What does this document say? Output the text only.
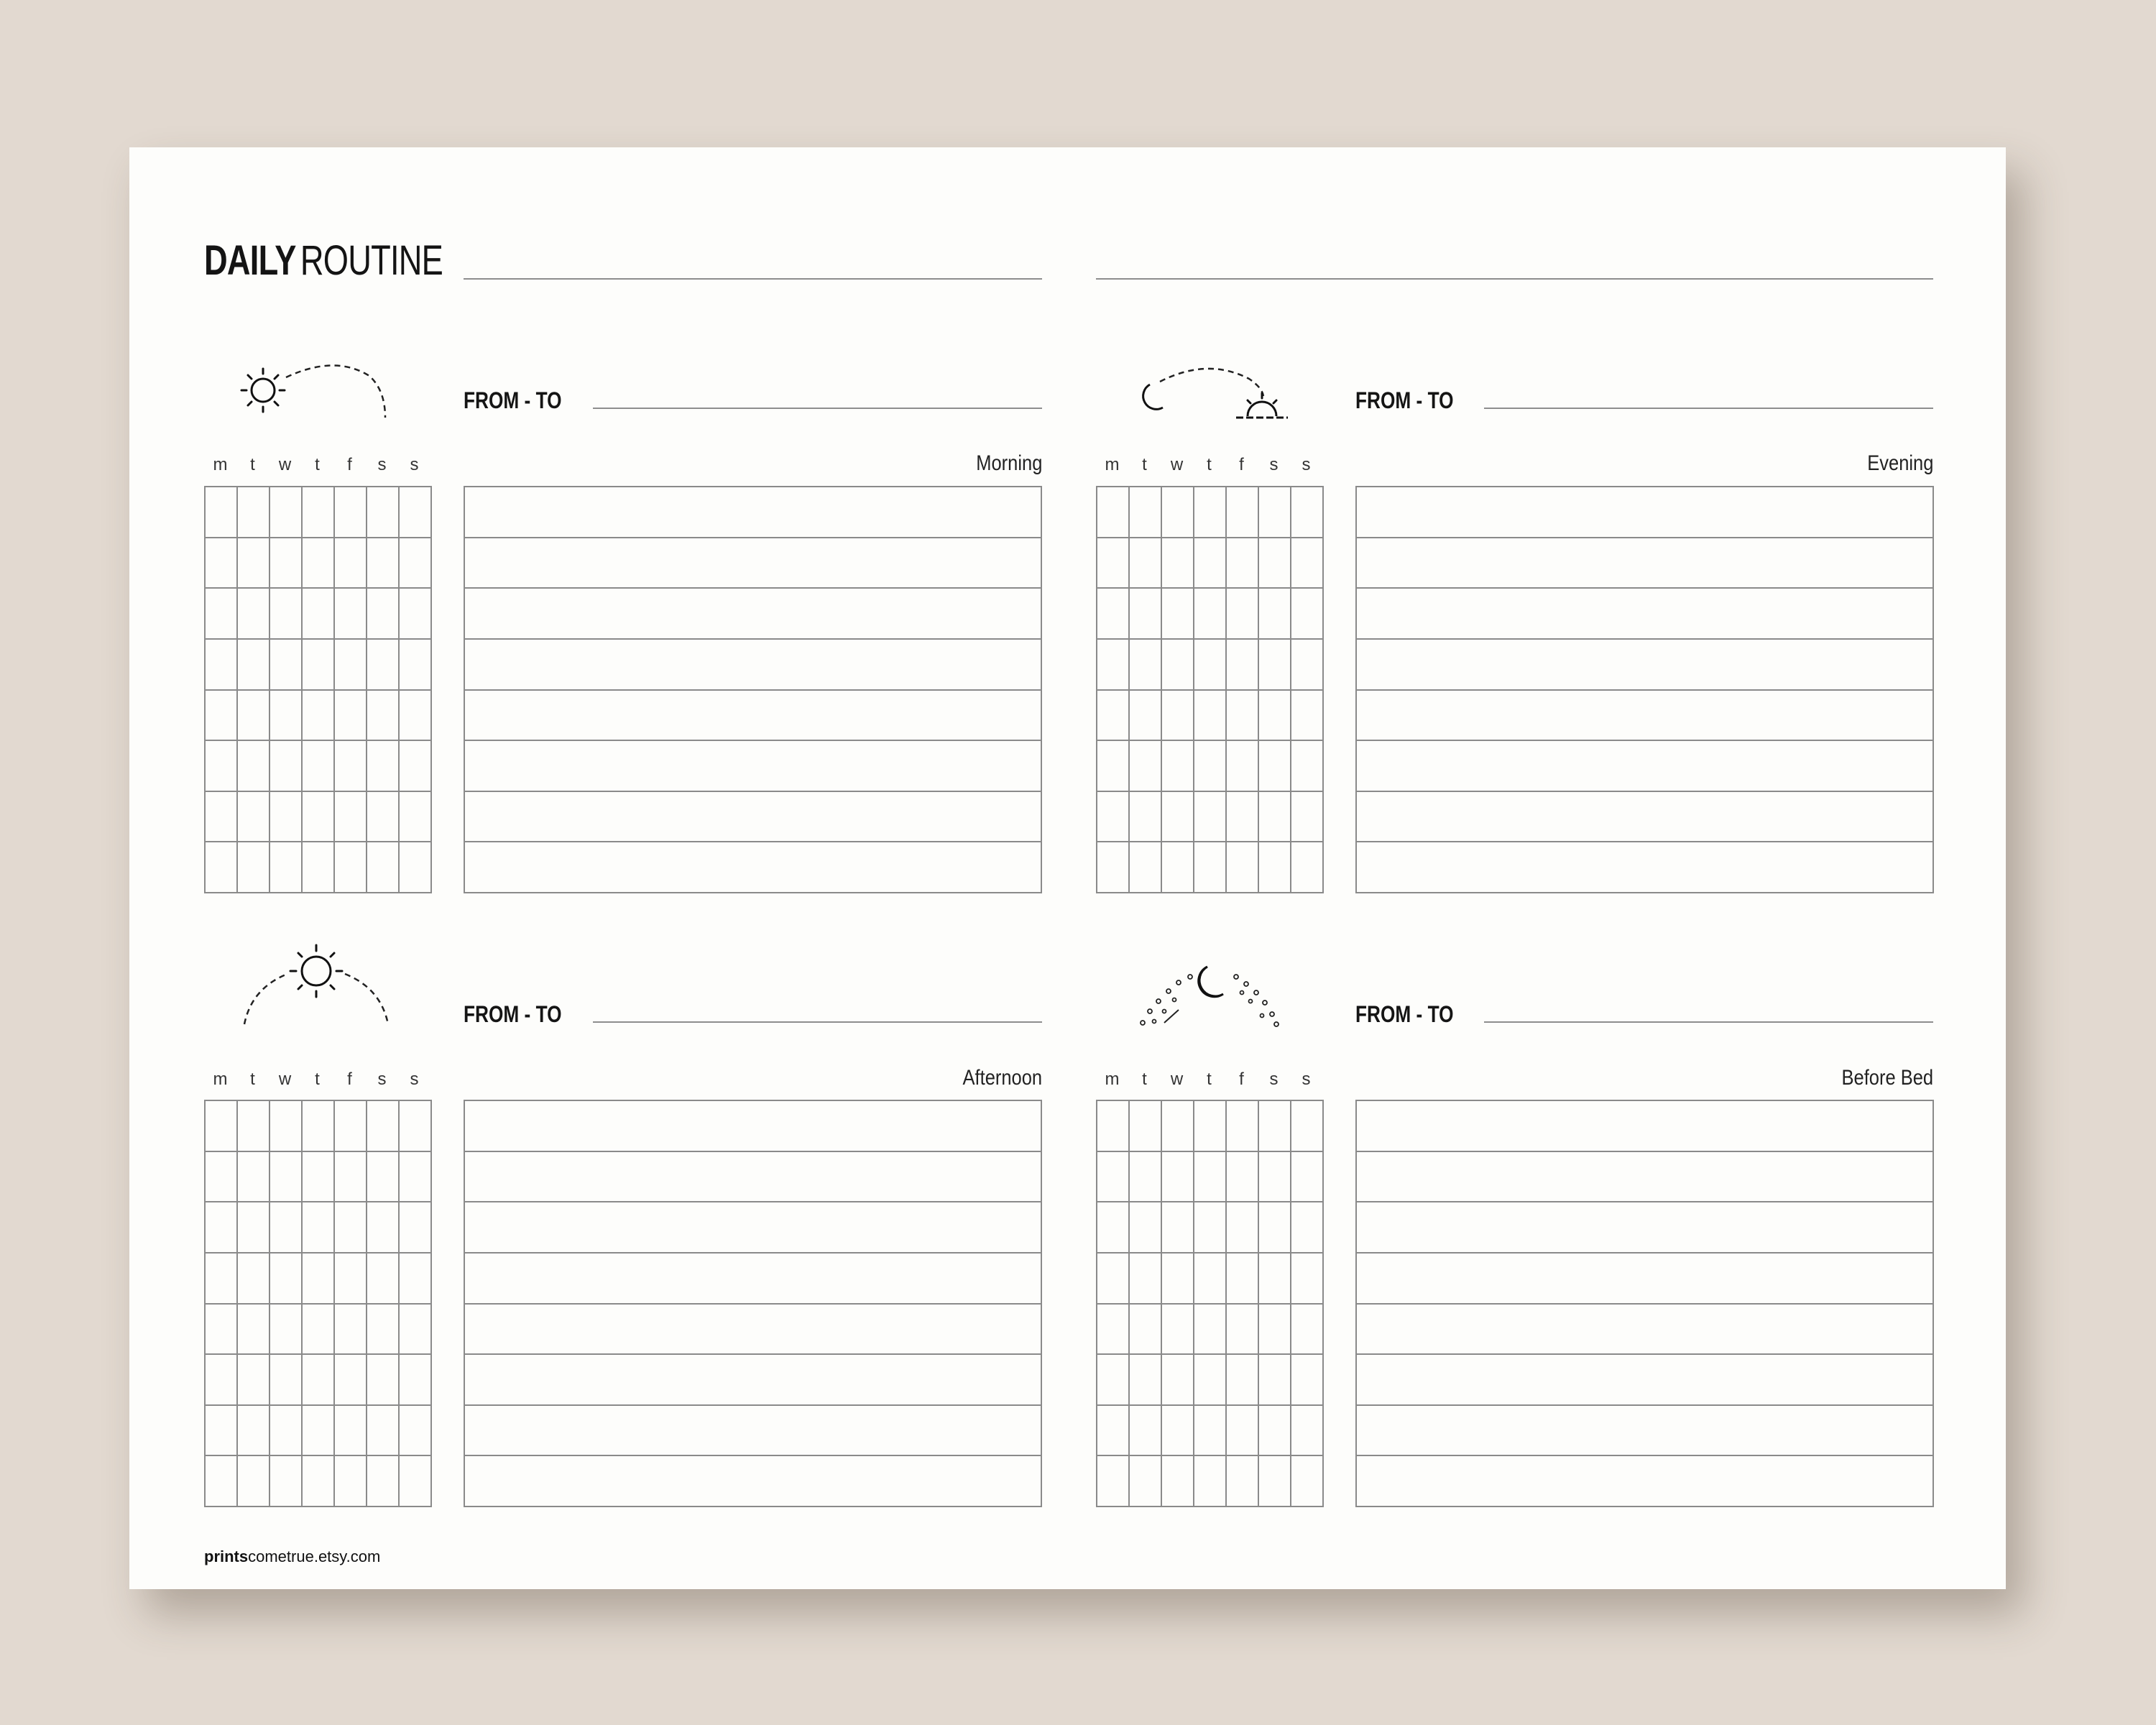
DAILY ROUTINE
FROM - TO
m	t	w	t	f	s	s	Morning
FROM - TO
m	t	w	t	f	s	s	Evening
FROM - TO
m	t	w	t	f	s	s	Afternoon
FROM - TO
m	t	w	t	f	s	s	Before Bed
printscometrue.etsy.com
